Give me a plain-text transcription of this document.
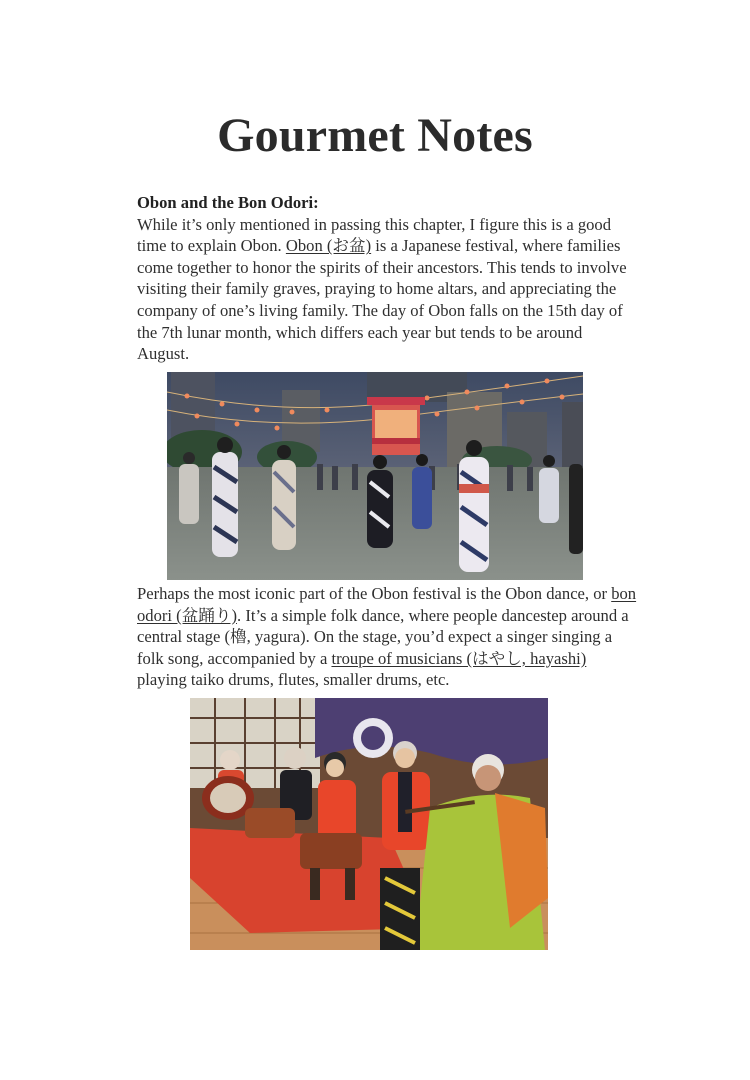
Gourmet Notes
Obon and the Bon Odori:
While it’s only mentioned in passing this chapter, I figure this is a good time to explain Obon. Obon (お盆) is a Japanese festival, where families come together to honor the spirits of their ancestors. This tends to involve visiting their family graves, praying to home altars, and appreciating the company of one’s living family. The day of Obon falls on the 15th day of the 7th lunar month, which differs each year but tends to be around August.
Perhaps the most iconic part of the Obon festival is the Obon dance, or bon odori (盆踊り). It’s a simple folk dance, where people dancestep around a central stage (櫓, yagura). On the stage, you’d expect a singer singing a folk song, accompanied by a troupe of musicians (はやし, hayashi) playing taiko drums, flutes, smaller drums, etc.
